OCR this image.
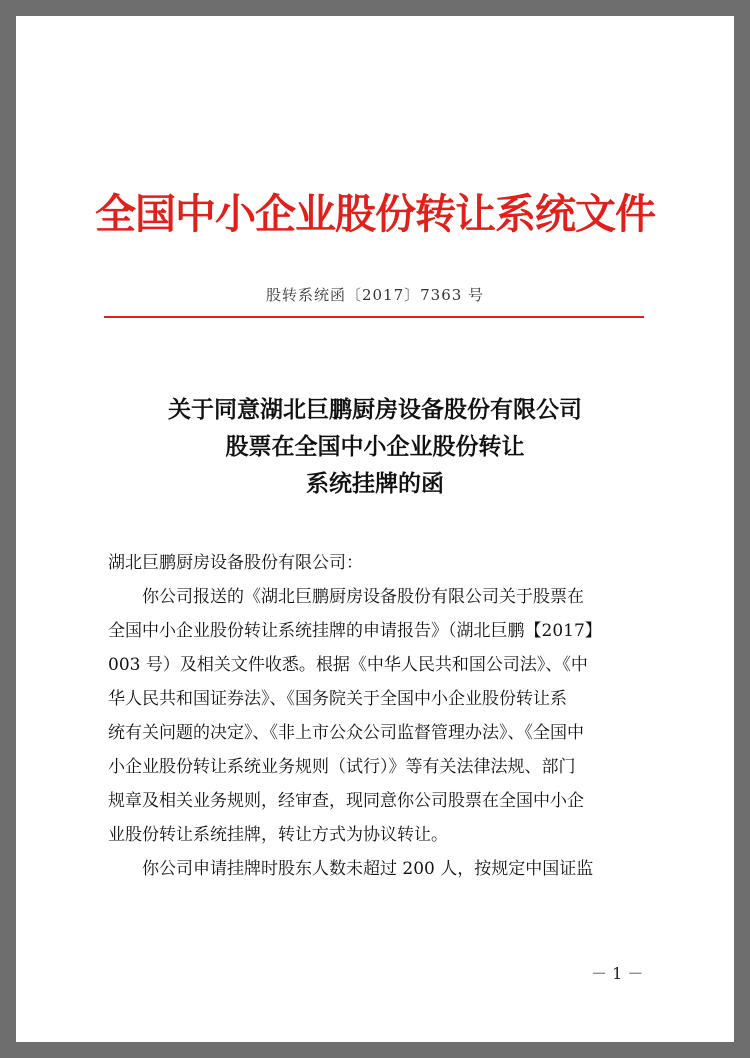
全国中小企业股份转让系统文件
股转系统函〔2017〕7363 号
关于同意湖北巨鹏厨房设备股份有限公司
股票在全国中小企业股份转让
系统挂牌的函

湖北巨鹏厨房设备股份有限公司：

你公司报送的《湖北巨鹏厨房设备股份有限公司关于股票在

全国中小企业股份转让系统挂牌的申请报告》（湖北巨鹏【2017】

003 号）及相关文件收悉。根据《中华人民共和国公司法》、《中

华人民共和国证券法》、《国务院关于全国中小企业股份转让系

统有关问题的决定》、《非上市公众公司监督管理办法》、《全国中

小企业股份转让系统业务规则（试行）》等有关法律法规、部门

规章及相关业务规则，经审查，现同意你公司股票在全国中小企

业股份转让系统挂牌，转让方式为协议转让。

你公司申请挂牌时股东人数未超过 200 人，按规定中国证监

－ 1 －
